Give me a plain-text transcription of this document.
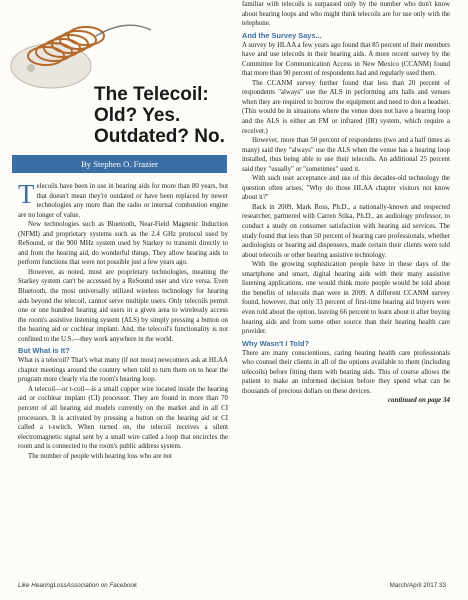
The Telecoil:
Old? Yes.
Outdated? No.
By Stephen O. Frazier

Telecoils have been in use in hearing aids for more than 80 years, but that doesn't mean they're outdated or have been replaced by newer technologies any more than the radio or internal combustion engine are no longer of value.

New technologies such as Bluetooth, Near-Field Magnetic Induction (NFMI) and proprietary systems such as the 2.4 GHz protocol used by ReSound, or the 900 MHz system used by Starkey to transmit directly to and from the hearing aid, do wonderful things. They allow hearing aids to perform functions that were not possible just a few years ago.

However, as noted, most are proprietary technologies, meaning the Starkey system can't be accessed by a ReSound user and vice versa. Even Bluetooth, the most universally utilized wireless technology for hearing aids beyond the telecoil, cannot serve multiple users. Only telecoils permit one or one hundred hearing aid users in a given area to wirelessly access the room's assistive listening system (ALS) by simply pressing a button on the hearing aid or cochlear implant. And, the telecoil's functionality is not confined to the U.S.—they work anywhere in the world.

But What is It?

What is a telecoil? That's what many (if not most) newcomers ask at HLAA chapter meetings around the country when told to turn them on to hear the program more clearly via the room's hearing loop.

A telecoil—or t-coil—is a small copper wire located inside the hearing aid or cochlear implant (CI) processor. They are found in more than 70 percent of all hearing aid models currently on the market and in all CI processors. It is activated by pressing a button on the hearing aid or CI called a t-switch. When turned on, the telecoil receives a silent electromagnetic signal sent by a small wire called a loop that encircles the room and is connected to the room's public address system.

The number of people with hearing loss who are not

familiar with telecoils is surpassed only by the number who don't know about hearing loops and who might think telecoils are for use only with the telephone.

And the Survey Says...

A survey by HLAA a few years ago found that 85 percent of their members have and use telecoils in their hearing aids. A more recent survey by the Committee for Communication Access in New Mexico (CCANM) found that more than 90 percent of respondents had and regularly used them.

The CCANM survey further found that less than 20 percent of respondents "always" use the ALS in performing arts halls and venues when they are required to borrow the equipment and need to don a headset. (This would be in situations where the venue does not have a hearing loop and the ALS is either an FM or infrared (IR) system, which require a receiver.)

However, more than 50 percent of respondents (two and a half times as many) said they "always" use the ALS when the venue has a hearing loop installed, thus being able to use their telecoils. An additional 25 percent said they "usually" or "sometimes" used it.

With such user acceptance and use of this decades-old technology the question often arises, "Why do those HLAA chapter visitors not know about it?"

Back in 2009, Mark Ross, Ph.D., a nationally-known and respected researcher, partnered with Carren Stika, Ph.D., an audiology professor, to conduct a study on consumer satisfaction with hearing aid services. The study found that less than 50 percent of hearing care professionals, whether audiologists or hearing aid dispensers, made certain their clients were told about telecoils or other hearing assistive technology.

With the growing sophistication people have in these days of the smartphone and smart, digital hearing aids with their many assistive listening applications, one would think more people would be told about the benefits of telecoils than were in 2009. A different CCANM survey found, however, that only 33 percent of first-time hearing aid buyers were even told about the option, leaving 66 percent to learn about it after buying hearing aids and from some other source than their hearing health care provider.

Why Wasn't I Told?

There are many conscientious, caring hearing health care professionals who counsel their clients in all of the options available to them (including telecoils) before fitting them with hearing aids. This of course allows the patient to make an informed decision before they spend what can be thousands of precious dollars on these devices.

continued on page 34

Like HearingLossAssociation on Facebook	March/April 2017 33
